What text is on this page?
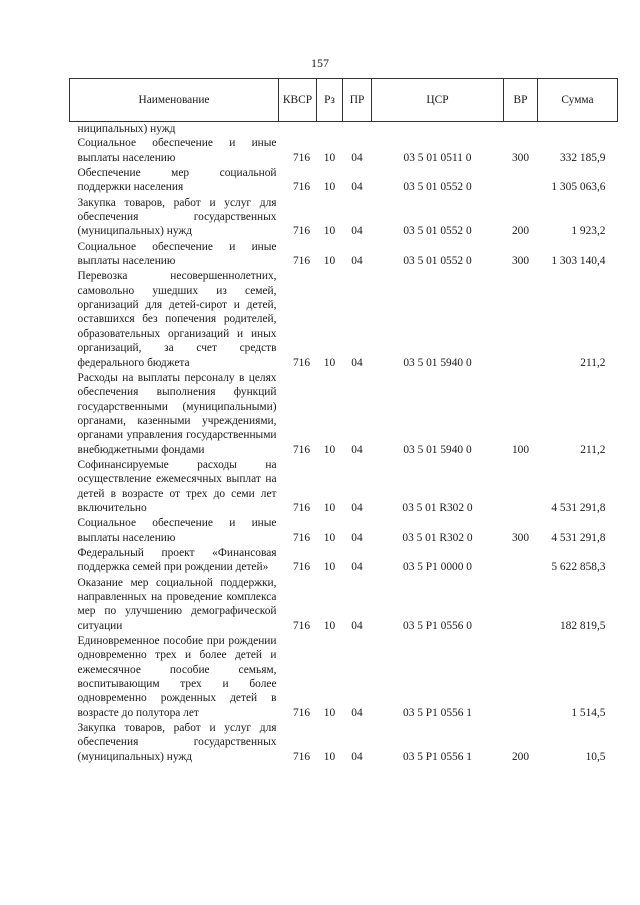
157
Наименование	КВСР	Рз	ПР	ЦСР	ВР	Сумма
ниципальных) нужд						
Социальное обеспечение и иные выплаты населению	716	10	04	03 5 01 0511 0	300	332 185,9
Обеспечение мер социальной поддержки населения	716	10	04	03 5 01 0552 0		1 305 063,6
Закупка товаров, работ и услуг для обеспечения государственных (муниципальных) нужд	716	10	04	03 5 01 0552 0	200	1 923,2
Социальное обеспечение и иные выплаты населению	716	10	04	03 5 01 0552 0	300	1 303 140,4
Перевозка несовершеннолетних, самовольно ушедших из семей, организаций для детей-сирот и детей, оставшихся без попечения родителей, образовательных организаций и иных организаций, за счет средств федерального бюджета	716	10	04	03 5 01 5940 0		211,2
Расходы на выплаты персоналу в целях обеспечения выполнения функций государственными (муниципальными) органами, казенными учреждениями, органами управления государственными внебюджетными фондами	716	10	04	03 5 01 5940 0	100	211,2
Софинансируемые расходы на осуществление ежемесячных выплат на детей в возрасте от трех до семи лет включительно	716	10	04	03 5 01 R302 0		4 531 291,8
Социальное обеспечение и иные выплаты населению	716	10	04	03 5 01 R302 0	300	4 531 291,8
Федеральный проект «Финансовая поддержка семей при рождении детей»	716	10	04	03 5 P1 0000 0		5 622 858,3
Оказание мер социальной поддержки, направленных на проведение комплекса мер по улучшению демографической ситуации	716	10	04	03 5 P1 0556 0		182 819,5
Единовременное пособие при рождении одновременно трех и более детей и ежемесячное пособие семьям, воспитывающим трех и более одновременно рожденных детей в возрасте до полутора лет	716	10	04	03 5 P1 0556 1		1 514,5
Закупка товаров, работ и услуг для обеспечения государственных (муниципальных) нужд	716	10	04	03 5 P1 0556 1	200	10,5
